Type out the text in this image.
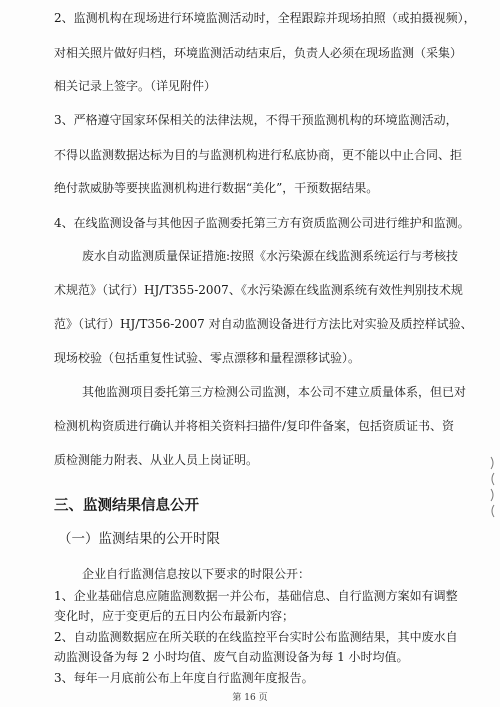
2、监测机构在现场进行环境监测活动时，全程跟踪并现场拍照（或拍摄视频），
对相关照片做好归档，环境监测活动结束后，负责人必须在现场监测（采集）
相关记录上签字。（详见附件）
3、严格遵守国家环保相关的法律法规，不得干预监测机构的环境监测活动，
不得以监测数据达标为目的与监测机构进行私底协商，更不能以中止合同、拒
绝付款威胁等要挟监测机构进行数据“美化”，干预数据结果。
4、在线监测设备与其他因子监测委托第三方有资质监测公司进行维护和监测。
废水自动监测质量保证措施:按照《水污染源在线监测系统运行与考核技
术规范》（试行）HJ/T355-2007、《水污染源在线监测系统有效性判别技术规
范》（试行）HJ/T356-2007 对自动监测设备进行方法比对实验及质控样试验、
现场校验（包括重复性试验、零点漂移和量程漂移试验）。
其他监测项目委托第三方检测公司监测，本公司不建立质量体系，但已对
检测机构资质进行确认并将相关资料扫描件/复印件备案，包括资质证书、资
质检测能力附表、从业人员上岗证明。
三、监测结果信息公开
（一）监测结果的公开时限
企业自行监测信息按以下要求的时限公开：
1、企业基础信息应随监测数据一并公布，基础信息、自行监测方案如有调整
变化时，应于变更后的五日内公布最新内容；
第 16 页
2、自动监测数据应在所关联的在线监控平台实时公布监测结果，其中废水自
动监测设备为每 2 小时均值、废气自动监测设备为每 1 小时均值。
3、每年一月底前公布上年度自行监测年度报告。
